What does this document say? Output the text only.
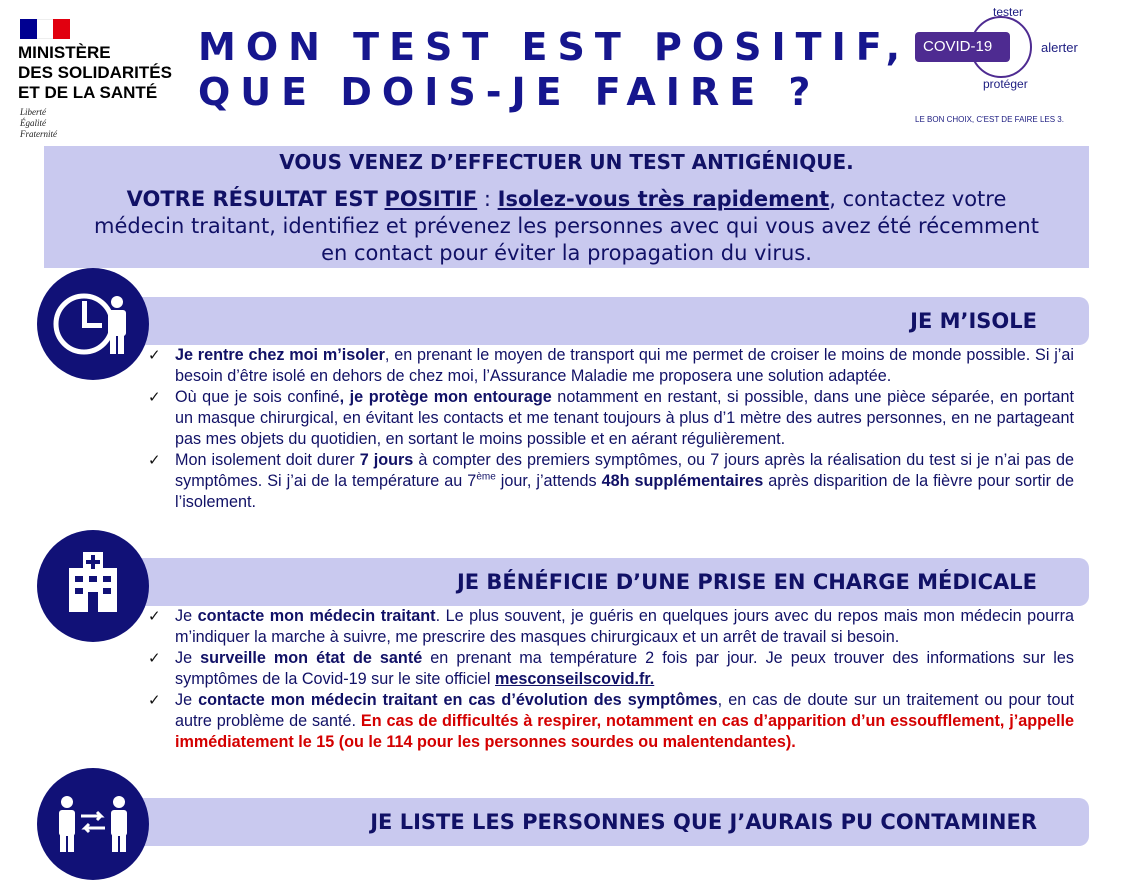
MINISTÈRE
DES SOLIDARITÉS
ET DE LA SANTÉ
Liberté
Égalité
Fraternité
MON TEST EST POSITIF,
QUE DOIS-JE FAIRE ?
tester
COVID-19	alerter
protéger
LE BON CHOIX, C'EST DE FAIRE LES 3.
VOUS VENEZ D’EFFECTUER UN TEST ANTIGÉNIQUE.
VOTRE RÉSULTAT EST POSITIF : Isolez-vous très rapidement, contactez votre médecin traitant, identifiez et prévenez les personnes avec qui vous avez été récemment en contact pour éviter la propagation du virus.
JE M’ISOLE
✓ Je rentre chez moi m’isoler, en prenant le moyen de transport qui me permet de croiser le moins de monde possible. Si j’ai besoin d’être isolé en dehors de chez moi, l’Assurance Maladie me proposera une solution adaptée.
✓ Où que je sois confiné, je protège mon entourage notamment en restant, si possible, dans une pièce séparée, en portant un masque chirurgical, en évitant les contacts et me tenant toujours à plus d’1 mètre des autres personnes, en ne partageant pas mes objets du quotidien, en sortant le moins possible et en aérant régulièrement.
✓ Mon isolement doit durer 7 jours à compter des premiers symptômes, ou 7 jours après la réalisation du test si je n’ai pas de symptômes. Si j’ai de la température au 7ème jour, j’attends 48h supplémentaires après disparition de la fièvre pour sortir de l’isolement.
JE BÉNÉFICIE D’UNE PRISE EN CHARGE MÉDICALE
✓ Je contacte mon médecin traitant. Le plus souvent, je guéris en quelques jours avec du repos mais mon médecin pourra m’indiquer la marche à suivre, me prescrire des masques chirurgicaux et un arrêt de travail si besoin.
✓ Je surveille mon état de santé en prenant ma température 2 fois par jour. Je peux trouver des informations sur les symptômes de la Covid-19 sur le site officiel mesconseilscovid.fr.
✓ Je contacte mon médecin traitant en cas d’évolution des symptômes, en cas de doute sur un traitement ou pour tout autre problème de santé. En cas de difficultés à respirer, notamment en cas d’apparition d’un essoufflement, j’appelle immédiatement le 15 (ou le 114 pour les personnes sourdes ou malentendantes).
JE LISTE LES PERSONNES QUE J’AURAIS PU CONTAMINER
